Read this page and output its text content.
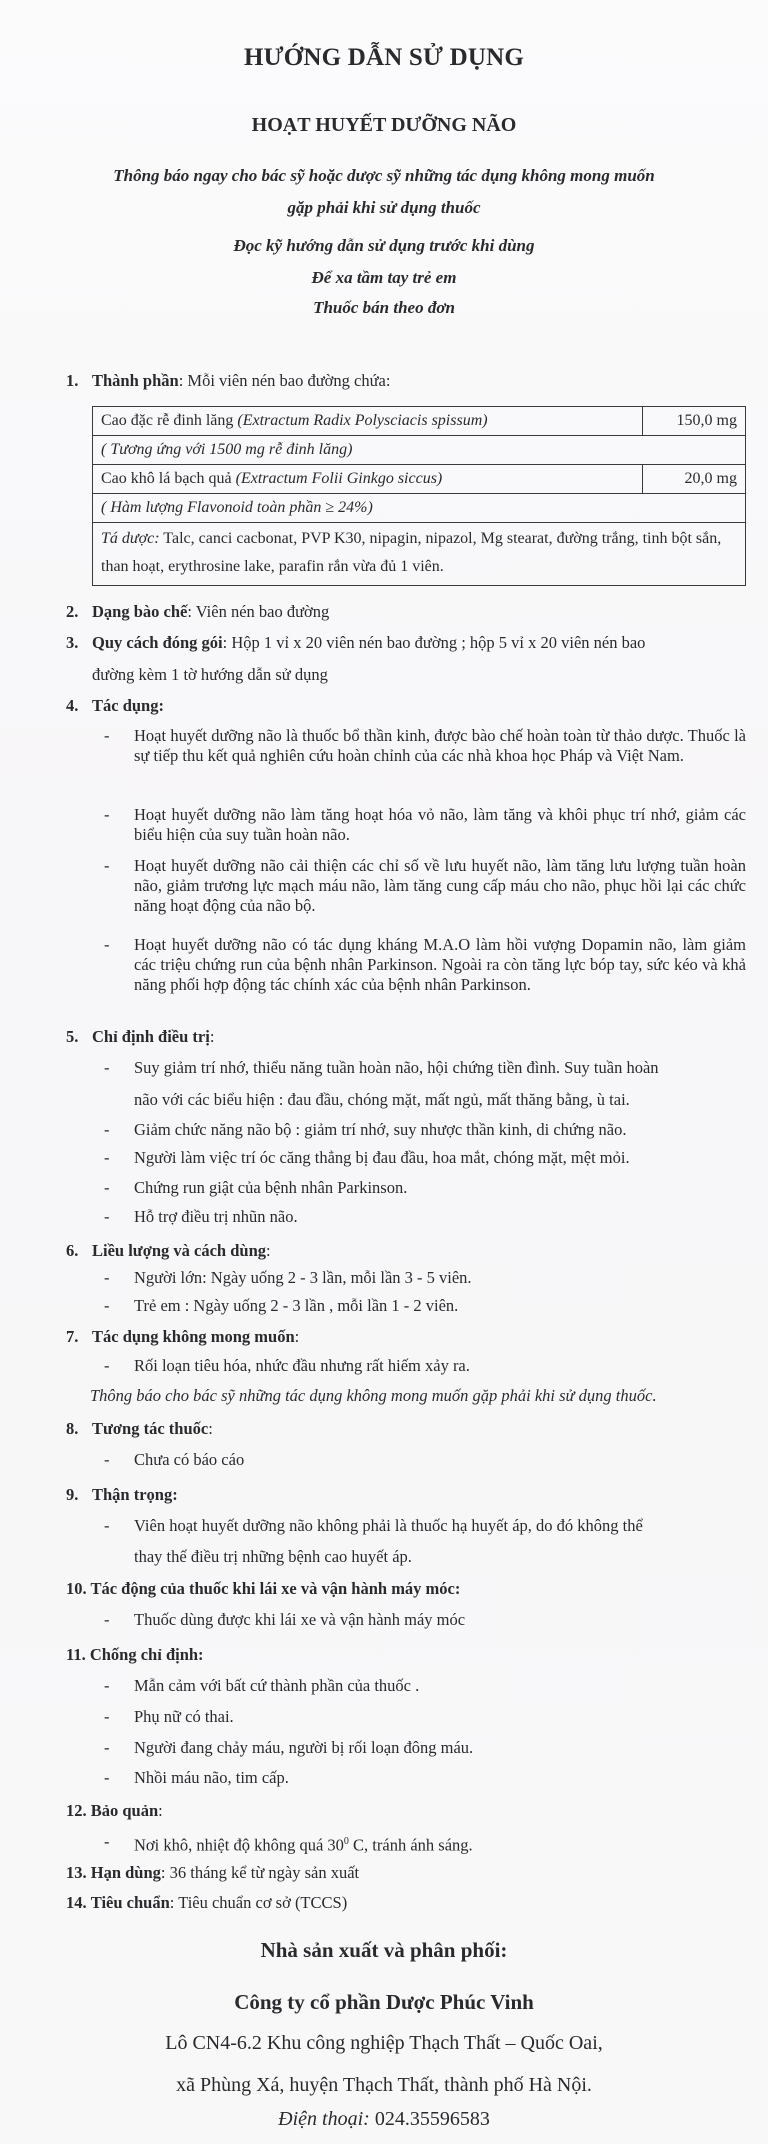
HƯỚNG DẪN SỬ DỤNG
HOẠT HUYẾT DƯỠNG NÃO
Thông báo ngay cho bác sỹ hoặc dược sỹ những tác dụng không mong muốn
gặp phải khi sử dụng thuốc
Đọc kỹ hướng dẫn sử dụng trước khi dùng
Để xa tầm tay trẻ em
Thuốc bán theo đơn
1. Thành phần: Mỗi viên nén bao đường chứa:
Cao đặc rễ đinh lăng (Extractum Radix Polysciacis spissum)	150,0 mg
( Tương ứng với 1500 mg rễ đinh lăng)	
Cao khô lá bạch quả (Extractum Folii Ginkgo siccus)	20,0 mg
( Hàm lượng Flavonoid toàn phần ≥ 24%)	
Tá dược: Talc, canci cacbonat, PVP K30, nipagin, nipazol, Mg stearat, đường trắng, tinh bột sắn, than hoạt, erythrosine lake, parafin rắn vừa đủ 1 viên.	
2. Dạng bào chế: Viên nén bao đường
3. Quy cách đóng gói: Hộp 1 vỉ x 20 viên nén bao đường ; hộp 5 vỉ x 20 viên nén bao
đường kèm 1 tờ hướng dẫn sử dụng
4. Tác dụng:
- Hoạt huyết dưỡng não là thuốc bổ thần kinh, được bào chế hoàn toàn từ thảo dược. Thuốc là sự tiếp thu kết quả nghiên cứu hoàn chỉnh của các nhà khoa học Pháp và Việt Nam.
- Hoạt huyết dưỡng não làm tăng hoạt hóa vỏ não, làm tăng và khôi phục trí nhớ, giảm các biểu hiện của suy tuần hoàn não.
- Hoạt huyết dưỡng não cải thiện các chỉ số về lưu huyết não, làm tăng lưu lượng tuần hoàn não, giảm trương lực mạch máu não, làm tăng cung cấp máu cho não, phục hồi lại các chức năng hoạt động của não bộ.
- Hoạt huyết dưỡng não có tác dụng kháng M.A.O làm hồi vượng Dopamin não, làm giảm các triệu chứng run của bệnh nhân Parkinson. Ngoài ra còn tăng lực bóp tay, sức kéo và khả năng phối hợp động tác chính xác của bệnh nhân Parkinson.
5. Chỉ định điều trị:
- Suy giảm trí nhớ, thiểu năng tuần hoàn não, hội chứng tiền đình. Suy tuần hoàn
não với các biểu hiện : đau đầu, chóng mặt, mất ngủ, mất thăng bằng, ù tai.
- Giảm chức năng não bộ : giảm trí nhớ, suy nhược thần kinh, di chứng não.
- Người làm việc trí óc căng thẳng bị đau đầu, hoa mắt, chóng mặt, mệt mỏi.
- Chứng run giật của bệnh nhân Parkinson.
- Hỗ trợ điều trị nhũn não.
6. Liều lượng và cách dùng:
- Người lớn: Ngày uống 2 - 3 lần, mỗi lần 3 - 5 viên.
- Trẻ em : Ngày uống 2 - 3 lần , mỗi lần 1 - 2 viên.
7. Tác dụng không mong muốn:
- Rối loạn tiêu hóa, nhức đầu nhưng rất hiếm xảy ra.
Thông báo cho bác sỹ những tác dụng không mong muốn gặp phải khi sử dụng thuốc.
8. Tương tác thuốc:
- Chưa có báo cáo
9. Thận trọng:
- Viên hoạt huyết dưỡng não không phải là thuốc hạ huyết áp, do đó không thể
thay thế điều trị những bệnh cao huyết áp.
10. Tác động của thuốc khi lái xe và vận hành máy móc:
- Thuốc dùng được khi lái xe và vận hành máy móc
11. Chống chỉ định:
- Mẫn cảm với bất cứ thành phần của thuốc .
- Phụ nữ có thai.
- Người đang chảy máu, người bị rối loạn đông máu.
- Nhồi máu não, tim cấp.
12. Bảo quản:
- Nơi khô, nhiệt độ không quá $30^0$ C, tránh ánh sáng.
13. Hạn dùng: 36 tháng kể từ ngày sản xuất
14. Tiêu chuẩn: Tiêu chuẩn cơ sở (TCCS)
Nhà sản xuất và phân phối:
Công ty cổ phần Dược Phúc Vinh
Lô CN4-6.2 Khu công nghiệp Thạch Thất – Quốc Oai,
xã Phùng Xá, huyện Thạch Thất, thành phố Hà Nội.
Điện thoại: 024.35596583
